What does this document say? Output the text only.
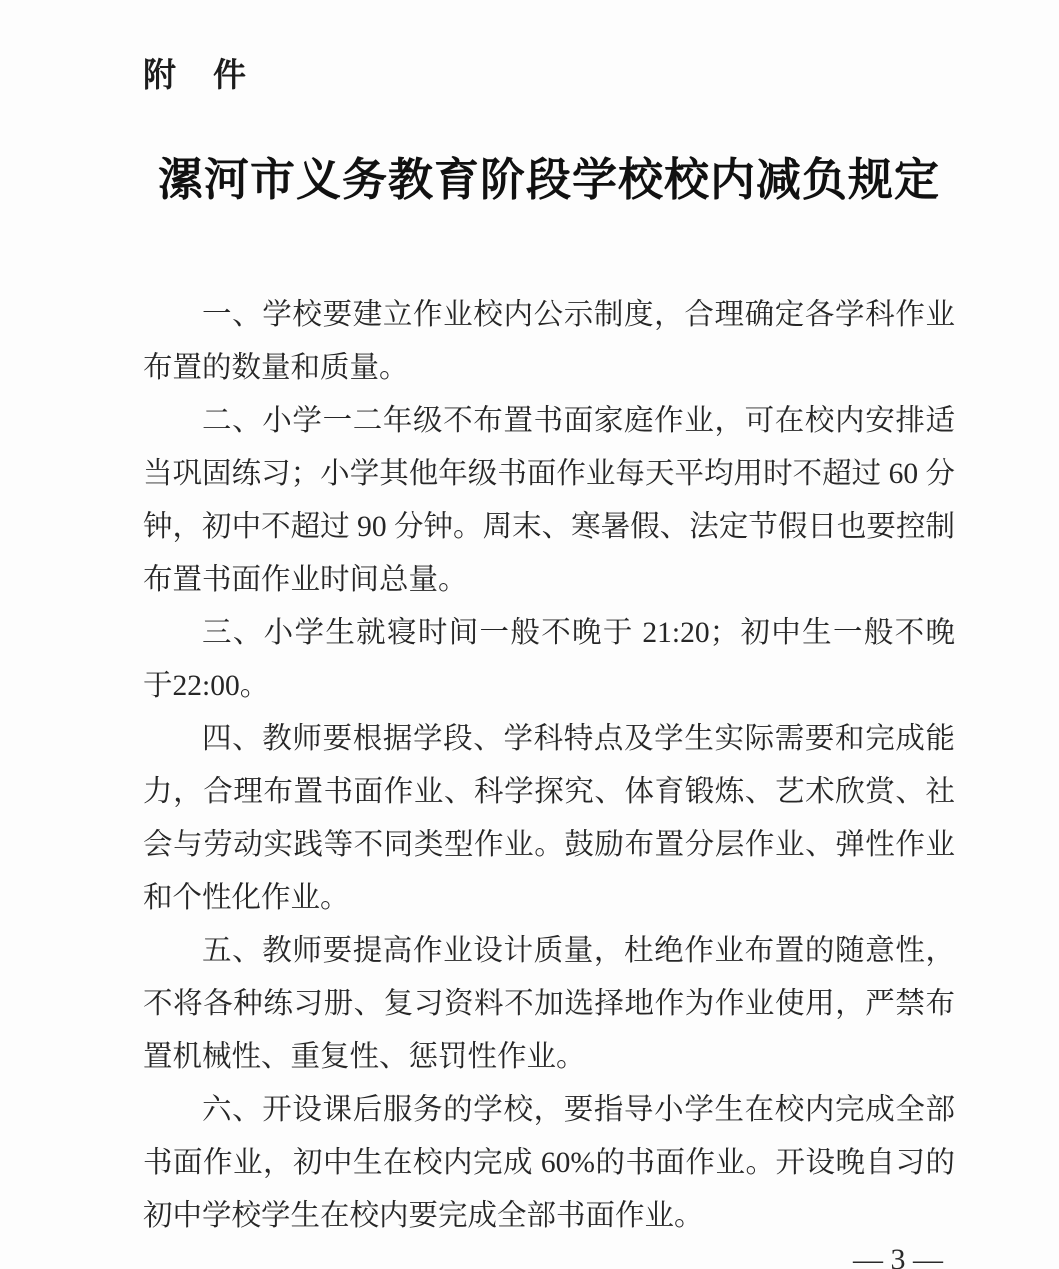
附　件
漯河市义务教育阶段学校校内减负规定

一、学校要建立作业校内公示制度，合理确定各学科作业布置的数量和质量。

二、小学一二年级不布置书面家庭作业，可在校内安排适当巩固练习；小学其他年级书面作业每天平均用时不超过 60 分钟，初中不超过 90 分钟。周末、寒暑假、法定节假日也要控制布置书面作业时间总量。

三、小学生就寝时间一般不晚于 21:20；初中生一般不晚于22:00。

四、教师要根据学段、学科特点及学生实际需要和完成能力，合理布置书面作业、科学探究、体育锻炼、艺术欣赏、社会与劳动实践等不同类型作业。鼓励布置分层作业、弹性作业和个性化作业。

五、教师要提高作业设计质量，杜绝作业布置的随意性，不将各种练习册、复习资料不加选择地作为作业使用，严禁布置机械性、重复性、惩罚性作业。

六、开设课后服务的学校，要指导小学生在校内完成全部书面作业，初中生在校内完成 60%的书面作业。开设晚自习的初中学校学生在校内要完成全部书面作业。

— 3 —
